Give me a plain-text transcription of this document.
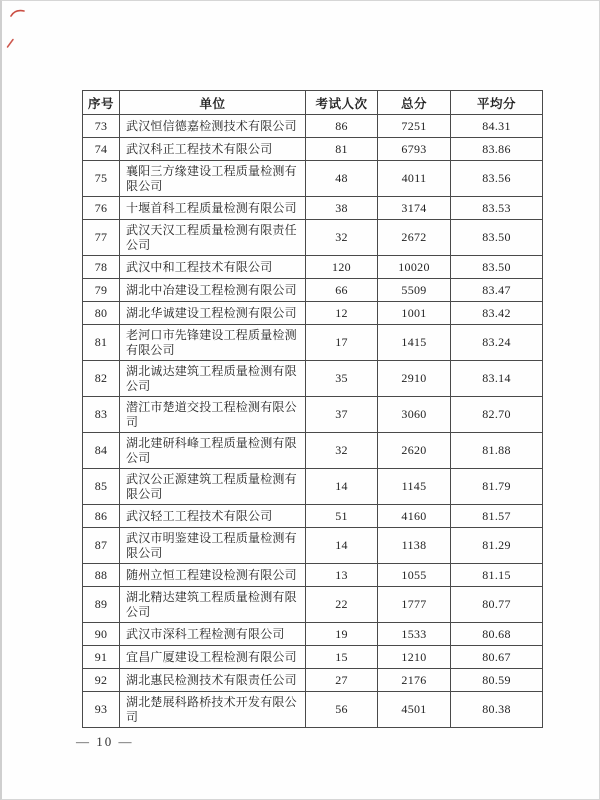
序号	单位	考试人次	总分	平均分
73	武汉恒信德嘉检测技术有限公司	86	7251	84.31
74	武汉科正工程技术有限公司	81	6793	83.86
75	襄阳三方缘建设工程质量检测有限公司	48	4011	83.56
76	十堰首科工程质量检测有限公司	38	3174	83.53
77	武汉天汉工程质量检测有限责任公司	32	2672	83.50
78	武汉中和工程技术有限公司	120	10020	83.50
79	湖北中冶建设工程检测有限公司	66	5509	83.47
80	湖北华诚建设工程检测有限公司	12	1001	83.42
81	老河口市先锋建设工程质量检测有限公司	17	1415	83.24
82	湖北诚达建筑工程质量检测有限公司	35	2910	83.14
83	潜江市楚道交投工程检测有限公司	37	3060	82.70
84	湖北建研科峰工程质量检测有限公司	32	2620	81.88
85	武汉公正源建筑工程质量检测有限公司	14	1145	81.79
86	武汉轻工工程技术有限公司	51	4160	81.57
87	武汉市明鉴建设工程质量检测有限公司	14	1138	81.29
88	随州立恒工程建设检测有限公司	13	1055	81.15
89	湖北精达建筑工程质量检测有限公司	22	1777	80.77
90	武汉市深科工程检测有限公司	19	1533	80.68
91	宜昌广厦建设工程检测有限公司	15	1210	80.67
92	湖北惠民检测技术有限责任公司	27	2176	80.59
93	湖北楚展科路桥技术开发有限公司	56	4501	80.38
— 10 —
